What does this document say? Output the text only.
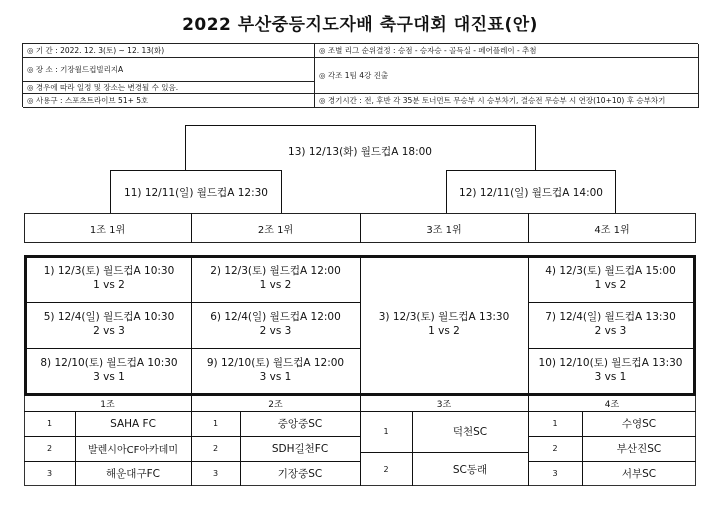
2022 부산중등지도자배 축구대회 대진표(안)
◎ 기 간 : 2022. 12. 3(토) ~ 12. 13(화)
◎ 장 소 : 기장월드컵빌리지A
◎ 경우에 따라 일정 및 장소는 변경될 수 있음.
◎ 사용구 : 스포츠트라이브 51+ 5호
◎ 조별 리그 순위결정 : 승점 - 승자승 - 골득실 - 페어플레이 - 추첨
◎ 각조 1팀 4강 진출
◎ 경기시간 : 전, 후반 각 35분 토너먼트 무승부 시 승부차기, 결승전 무승부 시 연장(10+10) 후 승부차기
13) 12/13(화) 월드컵A 18:00
11) 12/11(일) 월드컵A 12:30	12) 12/11(일) 월드컵A 14:00
1조 1위	2조 1위	3조 1위	4조 1위
1) 12/3(토) 월드컵A 10:30
1 vs 2
5) 12/4(일) 월드컵A 10:30
2 vs 3
8) 12/10(토) 월드컵A 10:30
3 vs 1
2) 12/3(토) 월드컵A 12:00
1 vs 2
6) 12/4(일) 월드컵A 12:00
2 vs 3
9) 12/10(토) 월드컵A 12:00
3 vs 1
3) 12/3(토) 월드컵A 13:30
1 vs 2
4) 12/3(토) 월드컵A 15:00
1 vs 2
7) 12/4(일) 월드컵A 13:30
2 vs 3
10) 12/10(토) 월드컵A 13:30
3 vs 1
1조	2조	3조	4조
1	SAHA FC
2	발렌시아CF아카데미
3	해운대구FC
1	중앙중SC
2	SDH길천FC
3	기장중SC
1	덕천SC
2	SC동래
1	수영SC
2	부산진SC
3	서부SC
